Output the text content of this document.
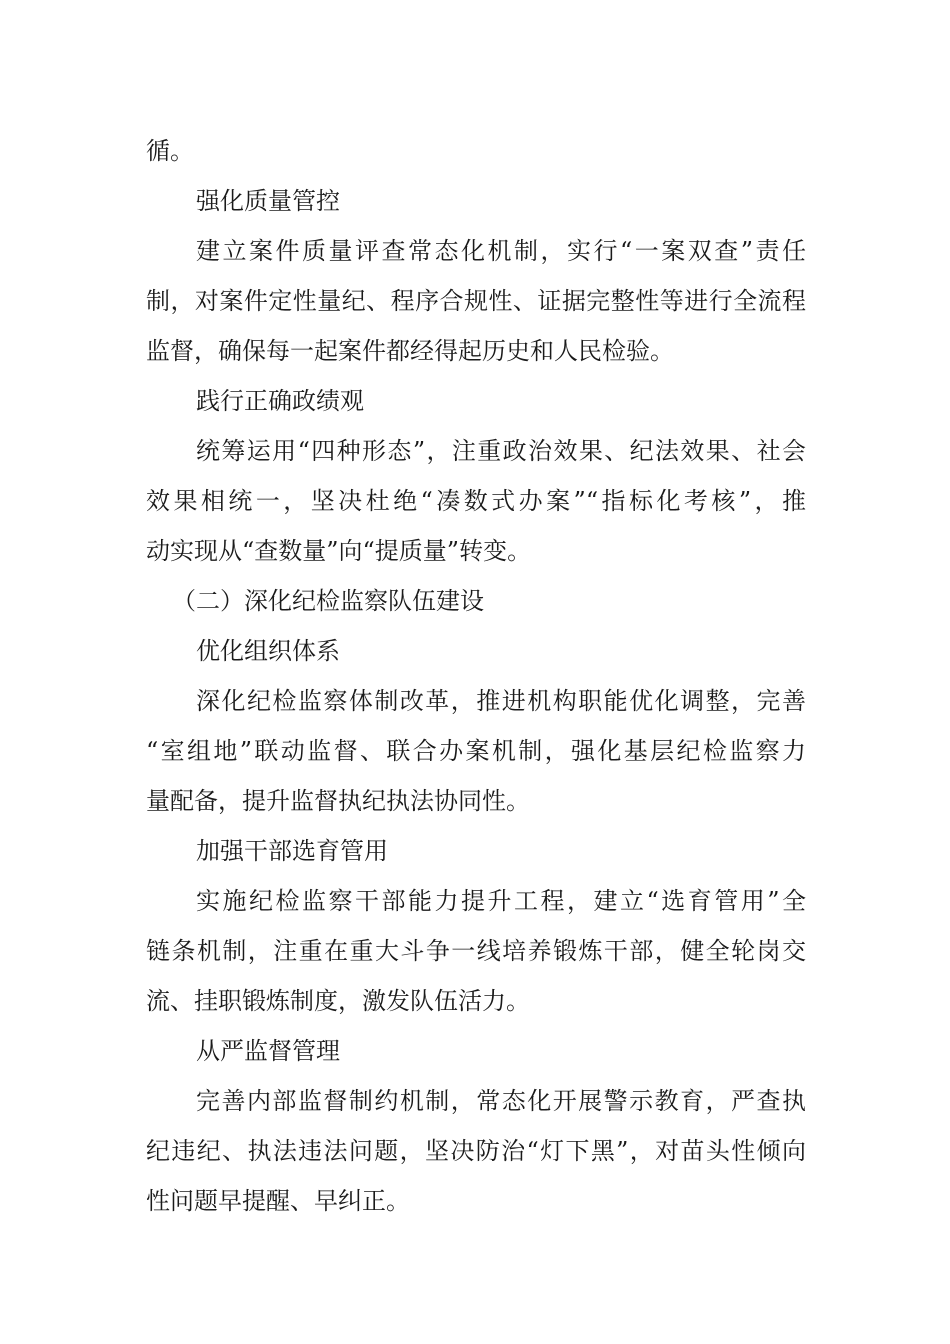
循。
强化质量管控
建立案件质量评查常态化机制，实行“一案双查”责任
制，对案件定性量纪、程序合规性、证据完整性等进行全流程
监督，确保每一起案件都经得起历史和人民检验。
践行正确政绩观
统筹运用“四种形态”，注重政治效果、纪法效果、社会
效果相统一，坚决杜绝“凑数式办案”“指标化考核”，推
动实现从“查数量”向“提质量”转变。
（二）深化纪检监察队伍建设
优化组织体系
深化纪检监察体制改革，推进机构职能优化调整，完善
“室组地”联动监督、联合办案机制，强化基层纪检监察力
量配备，提升监督执纪执法协同性。
加强干部选育管用
实施纪检监察干部能力提升工程，建立“选育管用”全
链条机制，注重在重大斗争一线培养锻炼干部，健全轮岗交
流、挂职锻炼制度，激发队伍活力。
从严监督管理
完善内部监督制约机制，常态化开展警示教育，严查执
纪违纪、执法违法问题，坚决防治“灯下黑”，对苗头性倾向
性问题早提醒、早纠正。
